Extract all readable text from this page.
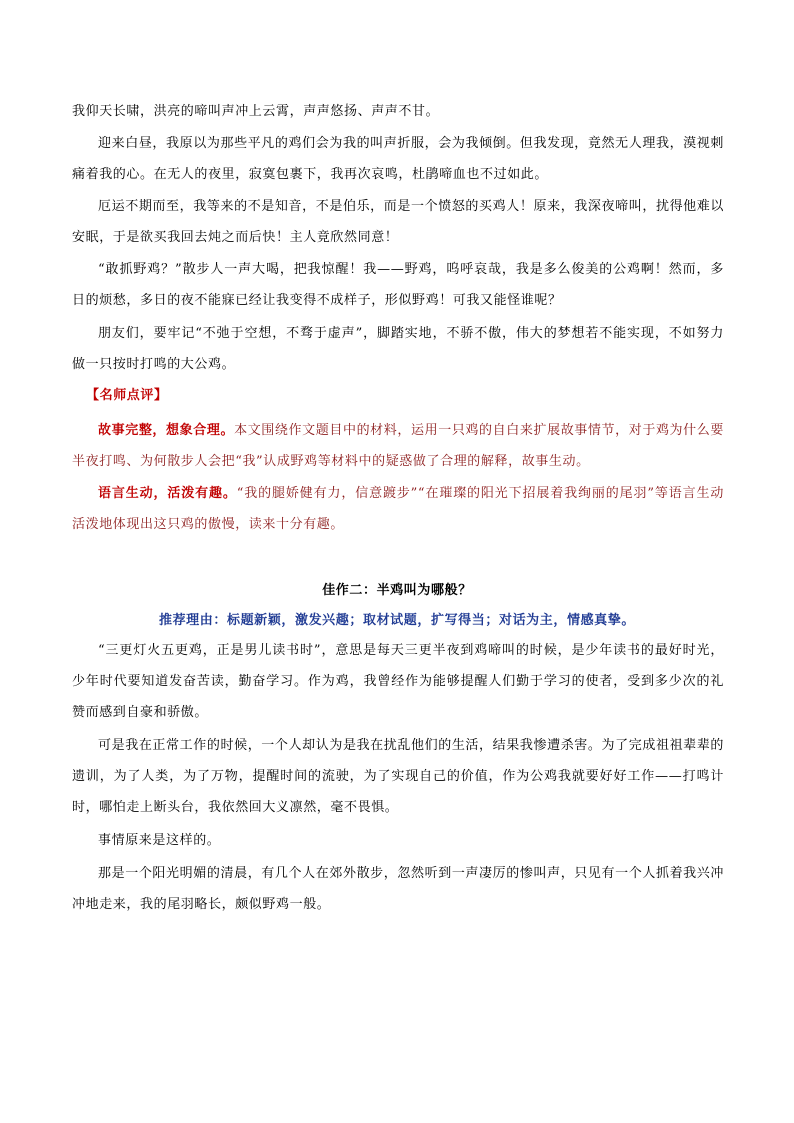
我仰天长啸，洪亮的啼叫声冲上云霄，声声悠扬、声声不甘。

迎来白昼，我原以为那些平凡的鸡们会为我的叫声折服，会为我倾倒。但我发现，竟然无人理我，漠视刺痛着我的心。在无人的夜里，寂寞包裹下，我再次哀鸣，杜鹃啼血也不过如此。

厄运不期而至，我等来的不是知音，不是伯乐，而是一个愤怒的买鸡人！原来，我深夜啼叫，扰得他难以安眠，于是欲买我回去炖之而后快！主人竟欣然同意！

“敢抓野鸡？”散步人一声大喝，把我惊醒！我——野鸡，呜呼哀哉，我是多么俊美的公鸡啊！然而，多日的烦愁，多日的夜不能寐已经让我变得不成样子，形似野鸡！可我又能怪谁呢？

朋友们，要牢记“不弛于空想，不骛于虚声”，脚踏实地，不骄不傲，伟大的梦想若不能实现，不如努力做一只按时打鸣的大公鸡。

【名师点评】

故事完整，想象合理。本文围绕作文题目中的材料，运用一只鸡的自白来扩展故事情节，对于鸡为什么要半夜打鸣、为何散步人会把“我”认成野鸡等材料中的疑惑做了合理的解释，故事生动。

语言生动，活泼有趣。“我的腿娇健有力，信意踱步”“在璀璨的阳光下招展着我绚丽的尾羽”等语言生动活泼地体现出这只鸡的傲慢，读来十分有趣。

佳作二：半鸡叫为哪般？
推荐理由：标题新颖，激发兴趣；取材试题，扩写得当；对话为主，情感真挚。

“三更灯火五更鸡，正是男儿读书时”，意思是每天三更半夜到鸡啼叫的时候，是少年读书的最好时光，少年时代要知道发奋苦读，勤奋学习。作为鸡，我曾经作为能够提醒人们勤于学习的使者，受到多少次的礼赞而感到自豪和骄傲。

可是我在正常工作的时候，一个人却认为是我在扰乱他们的生活，结果我惨遭杀害。为了完成祖祖辈辈的遗训，为了人类，为了万物，提醒时间的流驶，为了实现自己的价值，作为公鸡我就要好好工作——打鸣计时，哪怕走上断头台，我依然回大义凛然，毫不畏惧。

事情原来是这样的。

那是一个阳光明媚的清晨，有几个人在郊外散步，忽然听到一声凄厉的惨叫声，只见有一个人抓着我兴冲冲地走来，我的尾羽略长，颇似野鸡一般。
